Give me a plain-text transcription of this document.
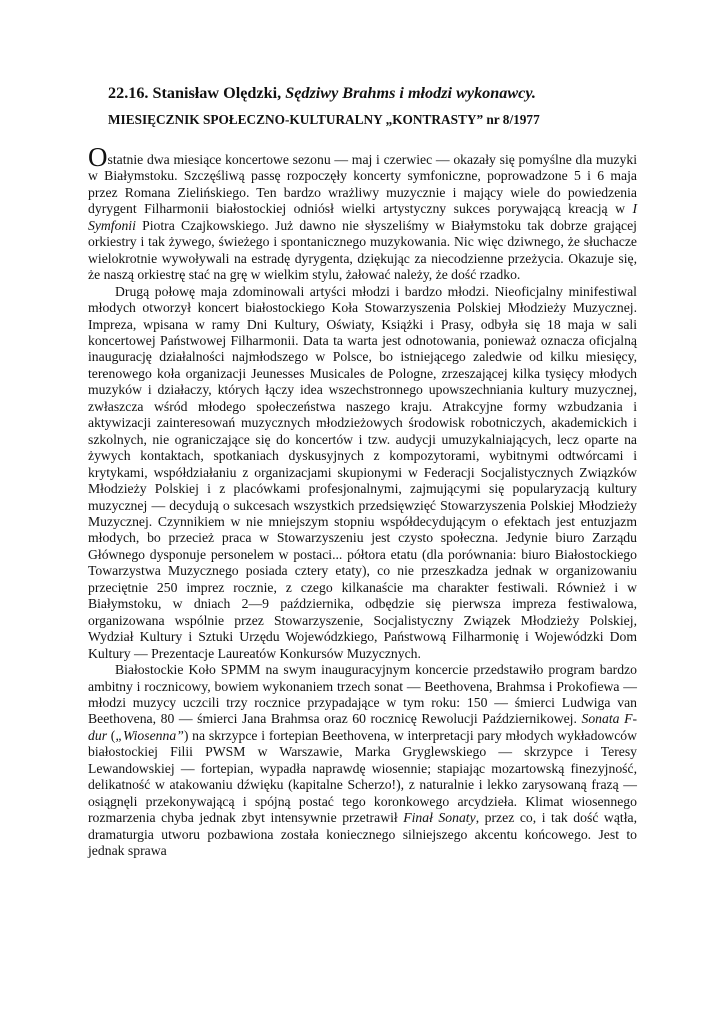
22.16. Stanisław Olędzki, Sędziwy Brahms i młodzi wykonawcy.
MIESIĘCZNIK SPOŁECZNO-KULTURALNY „KONTRASTY” nr 8/1977

Ostatnie dwa miesiące koncertowe sezonu — maj i czerwiec — okazały się pomyślne dla muzyki w Białymstoku. Szczęśliwą passę rozpoczęły koncerty symfoniczne, poprowadzone 5 i 6 maja przez Romana Zielińskiego. Ten bardzo wrażliwy muzycznie i mający wiele do powiedzenia dyrygent Filharmonii białostockiej odniósł wielki artystyczny sukces porywającą kreacją w I Symfonii Piotra Czajkowskiego. Już dawno nie słyszeliśmy w Białymstoku tak dobrze grającej orkiestry i tak żywego, świeżego i spontanicznego muzykowania. Nic więc dziwnego, że słuchacze wielokrotnie wywoływali na estradę dyrygenta, dziękując za niecodzienne przeżycia. Okazuje się, że naszą orkiestrę stać na grę w wielkim stylu, żałować należy, że dość rzadko.

Drugą połowę maja zdominowali artyści młodzi i bardzo młodzi. Nieoficjalny minifestiwal młodych otworzył koncert białostockiego Koła Stowarzyszenia Polskiej Młodzieży Muzycznej. Impreza, wpisana w ramy Dni Kultury, Oświaty, Książki i Prasy, odbyła się 18 maja w sali koncertowej Państwowej Filharmonii. Data ta warta jest odnotowania, ponieważ oznacza oficjalną inaugurację działalności najmłodszego w Polsce, bo istniejącego zaledwie od kilku miesięcy, terenowego koła organizacji Jeunesses Musicales de Pologne, zrzeszającej kilka tysięcy młodych muzyków i działaczy, których łączy idea wszechstronnego upowszechniania kultury muzycznej, zwłaszcza wśród młodego społeczeństwa naszego kraju. Atrakcyjne formy wzbudzania i aktywizacji zainteresowań muzycznych młodzieżowych środowisk robotniczych, akademickich i szkolnych, nie ograniczające się do koncertów i tzw. audycji umuzykalniających, lecz oparte na żywych kontaktach, spotkaniach dyskusyjnych z kompozytorami, wybitnymi odtwórcami i krytykami, współdziałaniu z organizacjami skupionymi w Federacji Socjalistycznych Związków Młodzieży Polskiej i z placówkami profesjonalnymi, zajmującymi się popularyzacją kultury muzycznej — decydują o sukcesach wszystkich przedsięwzięć Stowarzyszenia Polskiej Młodzieży Muzycznej. Czynnikiem w nie mniejszym stopniu współdecydującym o efektach jest entuzjazm młodych, bo przecież praca w Stowarzyszeniu jest czysto społeczna. Jedynie biuro Zarządu Głównego dysponuje personelem w postaci... półtora etatu (dla porównania: biuro Białostockiego Towarzystwa Muzycznego posiada cztery etaty), co nie przeszkadza jednak w organizowaniu przeciętnie 250 imprez rocznie, z czego kilkanaście ma charakter festiwali. Również i w Białymstoku, w dniach 2—9 października, odbędzie się pierwsza impreza festiwalowa, organizowana wspólnie przez Stowarzyszenie, Socjalistyczny Związek Młodzieży Polskiej, Wydział Kultury i Sztuki Urzędu Wojewódzkiego, Państwową Filharmonię i Wojewódzki Dom Kultury — Prezentacje Laureatów Konkursów Muzycznych.

Białostockie Koło SPMM na swym inauguracyjnym koncercie przedstawiło program bardzo ambitny i rocznicowy, bowiem wykonaniem trzech sonat — Beethovena, Brahmsa i Prokofiewa — młodzi muzycy uczcili trzy rocznice przypadające w tym roku: 150 — śmierci Ludwiga van Beethovena, 80 — śmierci Jana Brahmsa oraz 60 rocznicę Rewolucji Październikowej. Sonata F-dur („Wiosenna”) na skrzypce i fortepian Beethovena, w interpretacji pary młodych wykładowców białostockiej Filii PWSM w Warszawie, Marka Gryglewskiego — skrzypce i Teresy Lewandowskiej — fortepian, wypadła naprawdę wiosennie; stapiając mozartowską finezyjność, delikatność w atakowaniu dźwięku (kapitalne Scherzo!), z naturalnie i lekko zarysowaną frazą — osiągnęli przekonywającą i spójną postać tego koronkowego arcydzieła. Klimat wiosennego rozmarzenia chyba jednak zbyt intensywnie przetrawił Finał Sonaty, przez co, i tak dość wątła, dramaturgia utworu pozbawiona została koniecznego silniejszego akcentu końcowego. Jest to jednak sprawa
